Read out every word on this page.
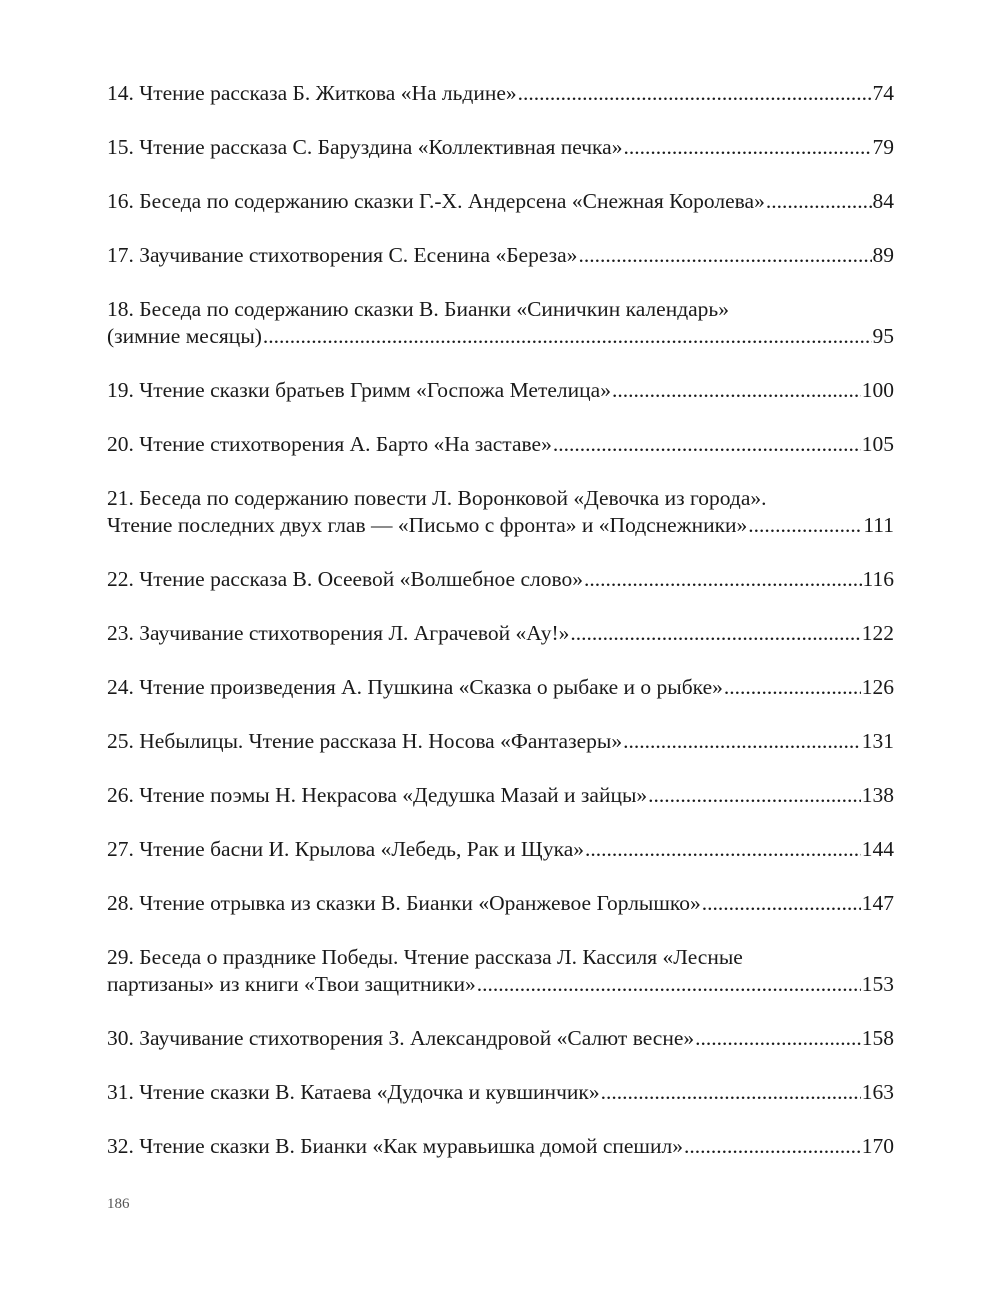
14. Чтение рассказа Б. Житкова «На льдине» .....	74
15. Чтение рассказа С. Баруздина «Коллективная печка» .....	79
16. Беседа по содержанию сказки Г.-Х. Андерсена «Снежная Королева» .....	84
17. Заучивание стихотворения С. Есенина «Береза» .....	89
18. Беседа по содержанию сказки В. Бианки «Синичкин календарь»
(зимние месяцы) .....	95
19. Чтение сказки братьев Гримм «Госпожа Метелица» .....	100
20. Чтение стихотворения А. Барто «На заставе» .....	105
21. Беседа по содержанию повести Л. Воронковой «Девочка из города».
Чтение последних двух глав — «Письмо с фронта» и «Подснежники» .....	111
22. Чтение рассказа В. Осеевой «Волшебное слово» .....	116
23. Заучивание стихотворения Л. Аграчевой «Ау!» .....	122
24. Чтение произведения А. Пушкина «Сказка о рыбаке и о рыбке» .....	126
25. Небылицы. Чтение рассказа Н. Носова «Фантазеры» .....	131
26. Чтение поэмы Н. Некрасова «Дедушка Мазай и зайцы» .....	138
27. Чтение басни И. Крылова «Лебедь, Рак и Щука» .....	144
28. Чтение отрывка из сказки В. Бианки «Оранжевое Горлышко» .....	147
29. Беседа о празднике Победы. Чтение рассказа Л. Кассиля «Лесные
партизаны» из книги «Твои защитники» .....	153
30. Заучивание стихотворения З. Александровой «Салют весне» .....	158
31. Чтение сказки В. Катаева «Дудочка и кувшинчик» .....	163
32. Чтение сказки В. Бианки «Как муравьишка домой спешил» .....	170
186
